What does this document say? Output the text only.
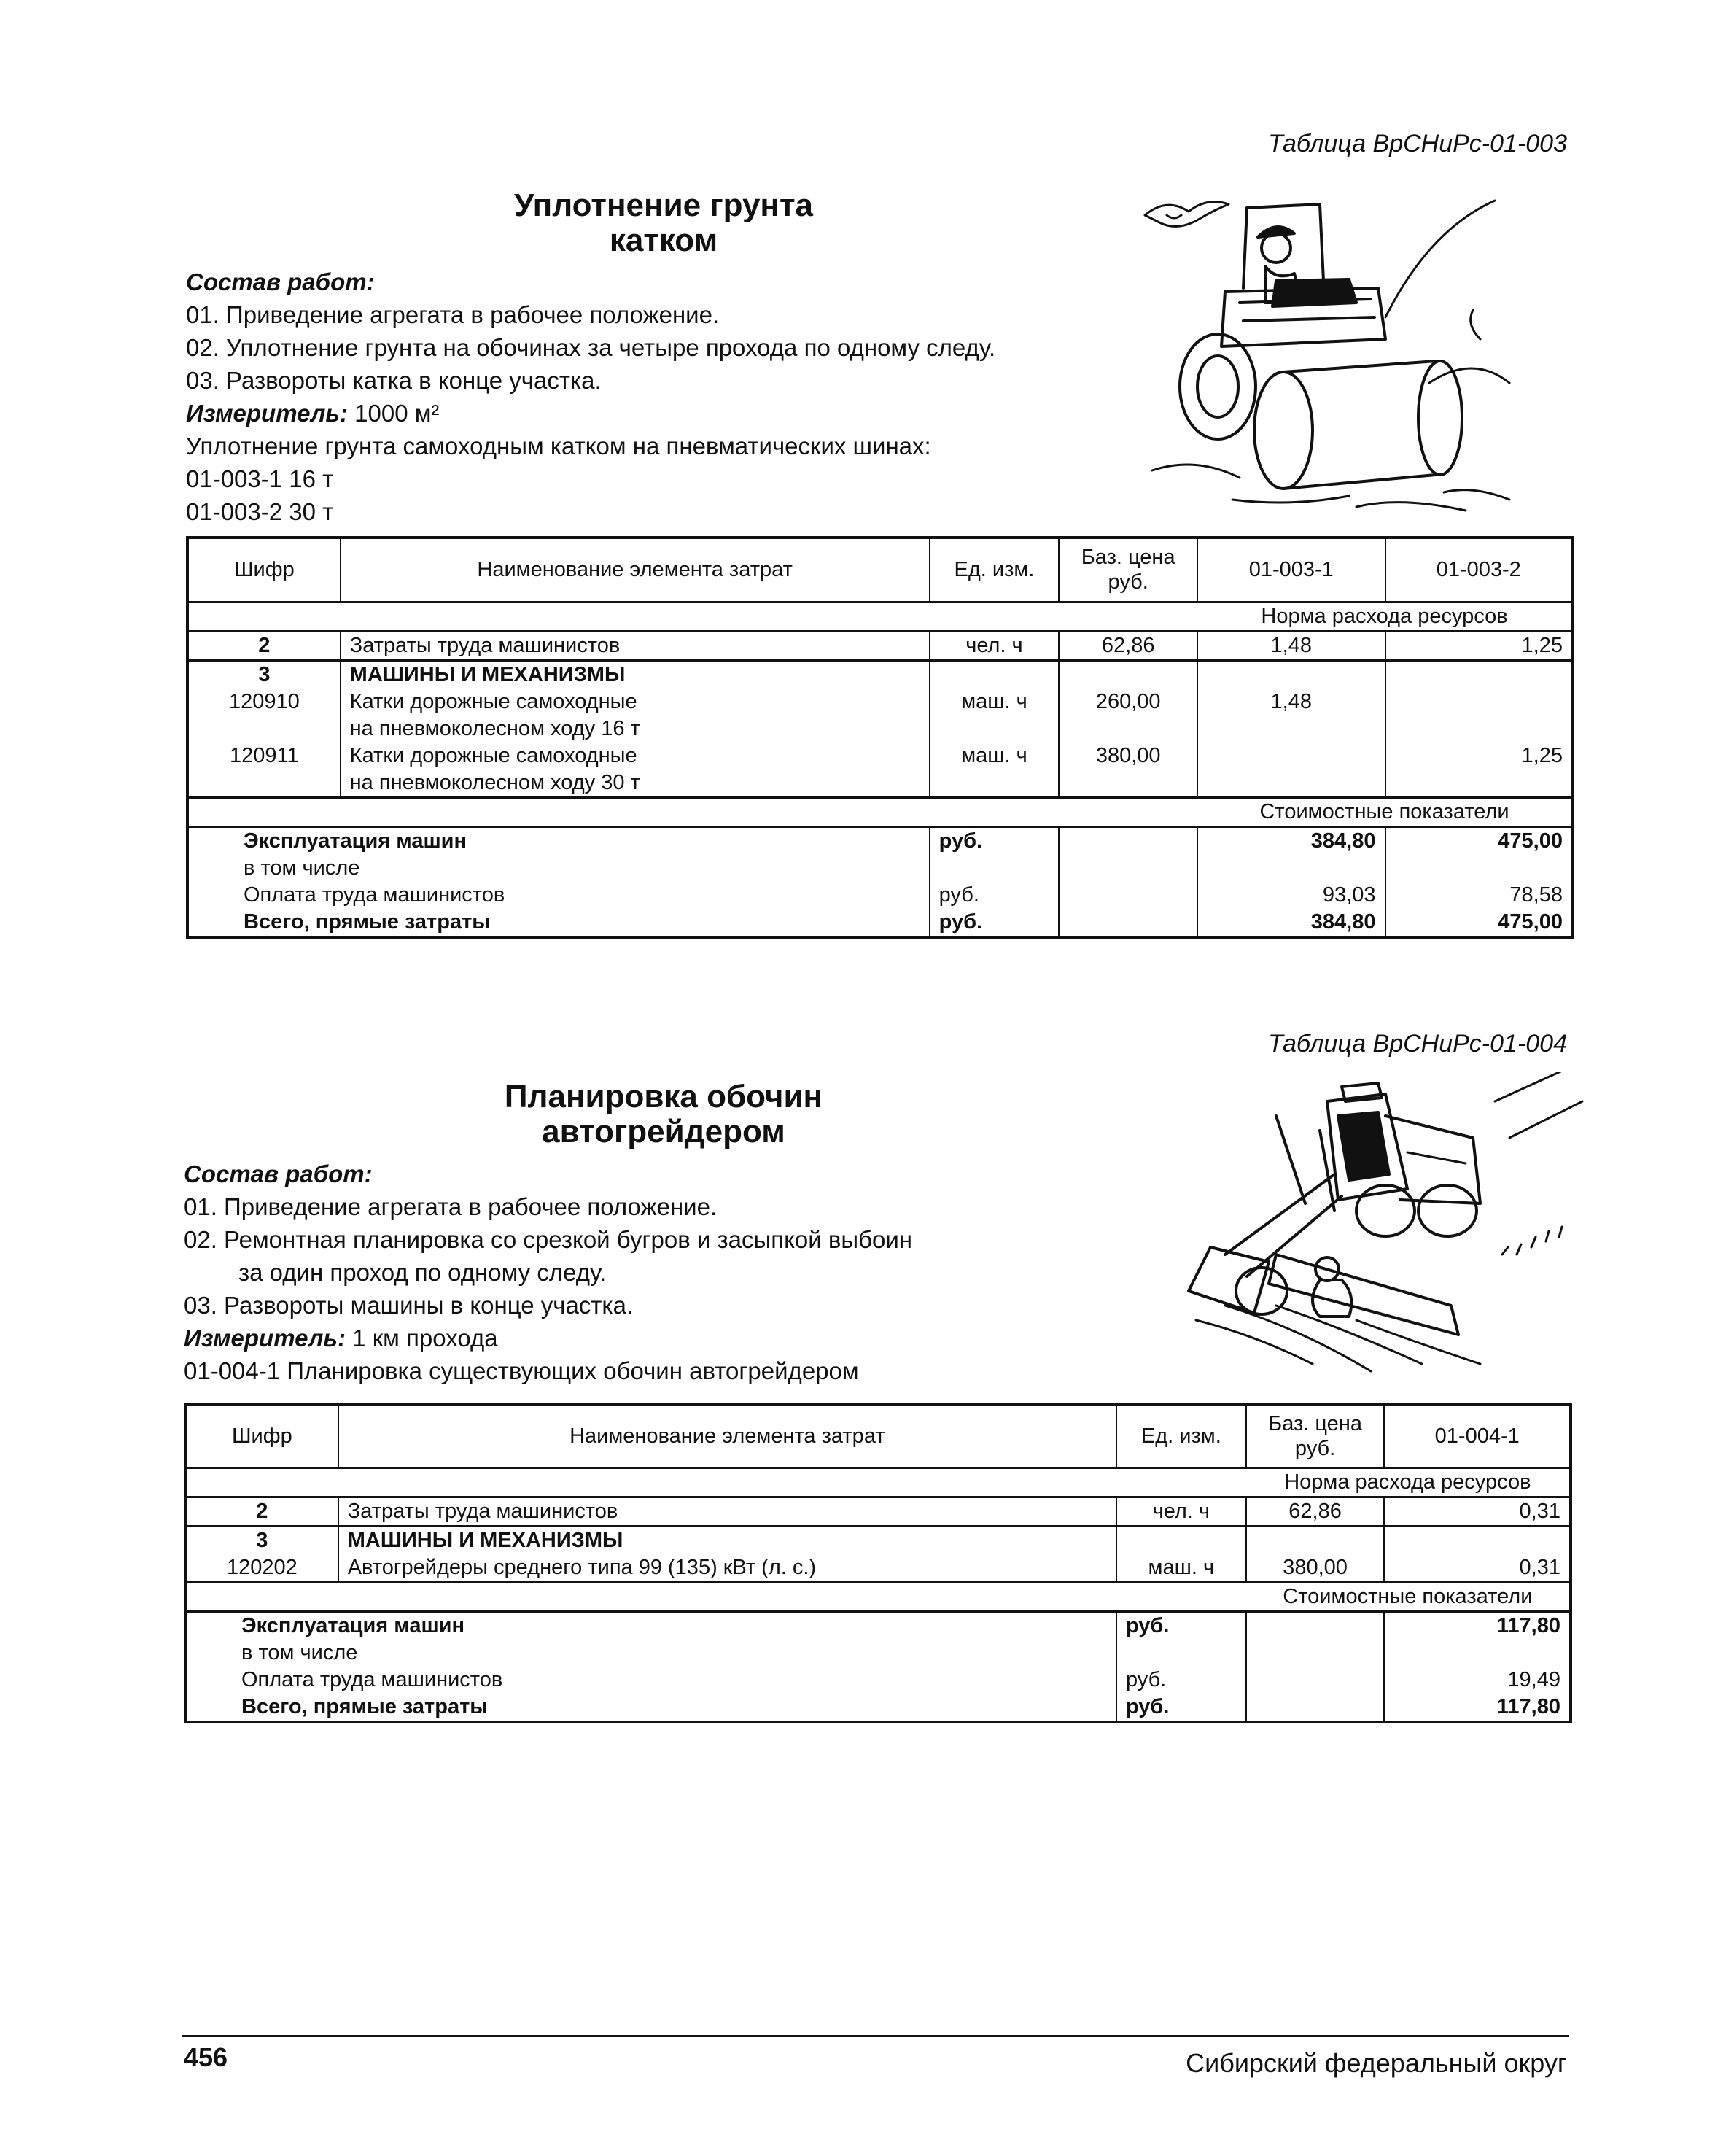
Таблица ВрСНиРс-01-003
Уплотнение грунта
катком
Состав работ:
01. Приведение агрегата в рабочее положение.
02. Уплотнение грунта на обочинах за четыре прохода по одному следу.
03. Развороты катка в конце участка.
Измеритель: 1000 м²
Уплотнение грунта самоходным катком на пневматических шинах:
01-003-1 16 т
01-003-2 30 т
Шифр	Наименование элемента затрат	Ед. изм.	Баз. цена руб.	01-003-1	01-003-2
				Норма расхода ресурсов	
2	Затраты труда машинистов	чел. ч	62,86	1,48	1,25
3	МАШИНЫ И МЕХАНИЗМЫ				
120910	Катки дорожные самоходные
на пневмоколесном ходу 16 т	маш. ч	260,00	1,48	
120911	Катки дорожные самоходные
на пневмоколесном ходу 30 т	маш. ч	380,00		1,25
				Стоимостные показатели	
Эксплуатация машин		руб.		384,80	475,00
в том числе					
Оплата труда машинистов		руб.		93,03	78,58
Всего, прямые затраты		руб.		384,80	475,00
Таблица ВрСНиРс-01-004
Планировка обочин
автогрейдером
Состав работ:
01. Приведение агрегата в рабочее положение.
02. Ремонтная планировка со срезкой бугров и засыпкой выбоин
за один проход по одному следу.
03. Развороты машины в конце участка.
Измеритель: 1 км прохода
01-004-1 Планировка существующих обочин автогрейдером
Шифр	Наименование элемента затрат	Ед. изм.	Баз. цена руб.	01-004-1
			Норма расхода ресурсов	
2	Затраты труда машинистов	чел. ч	62,86	0,31
3	МАШИНЫ И МЕХАНИЗМЫ			
120202	Автогрейдеры среднего типа 99 (135) кВт (л. с.)	маш. ч	380,00	0,31
			Стоимостные показатели	
Эксплуатация машин		руб.		117,80
в том числе				
Оплата труда машинистов		руб.		19,49
Всего, прямые затраты		руб.		117,80
456	Сибирский федеральный округ
